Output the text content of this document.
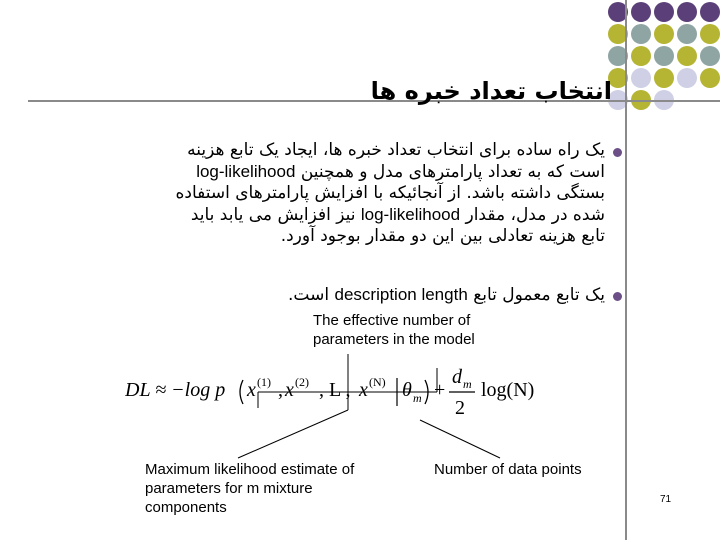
انتخاب تعداد خبره ها
یک راه ساده برای انتخاب تعداد خبره ها، ایجاد یک تابع هزینه
است که به تعداد پارامترهای مدل و همچنین log-likelihood
بستگی داشته باشد. از آنجائیکه با افزایش پارامترهای استفاده
شده در مدل، مقدار log-likelihood نیز افزایش می یابد باید
تابع هزینه تعادلی بین این دو مقدار بوجود آورد.
یک تابع معمول تابع description length است.
The effective number of parameters in the model
DL ≈ −log p x (1) , x (2) , L , x (N) θ m +
d m
2
log(N)
Maximum likelihood estimate of parameters for m mixture components
Number of data points
71
